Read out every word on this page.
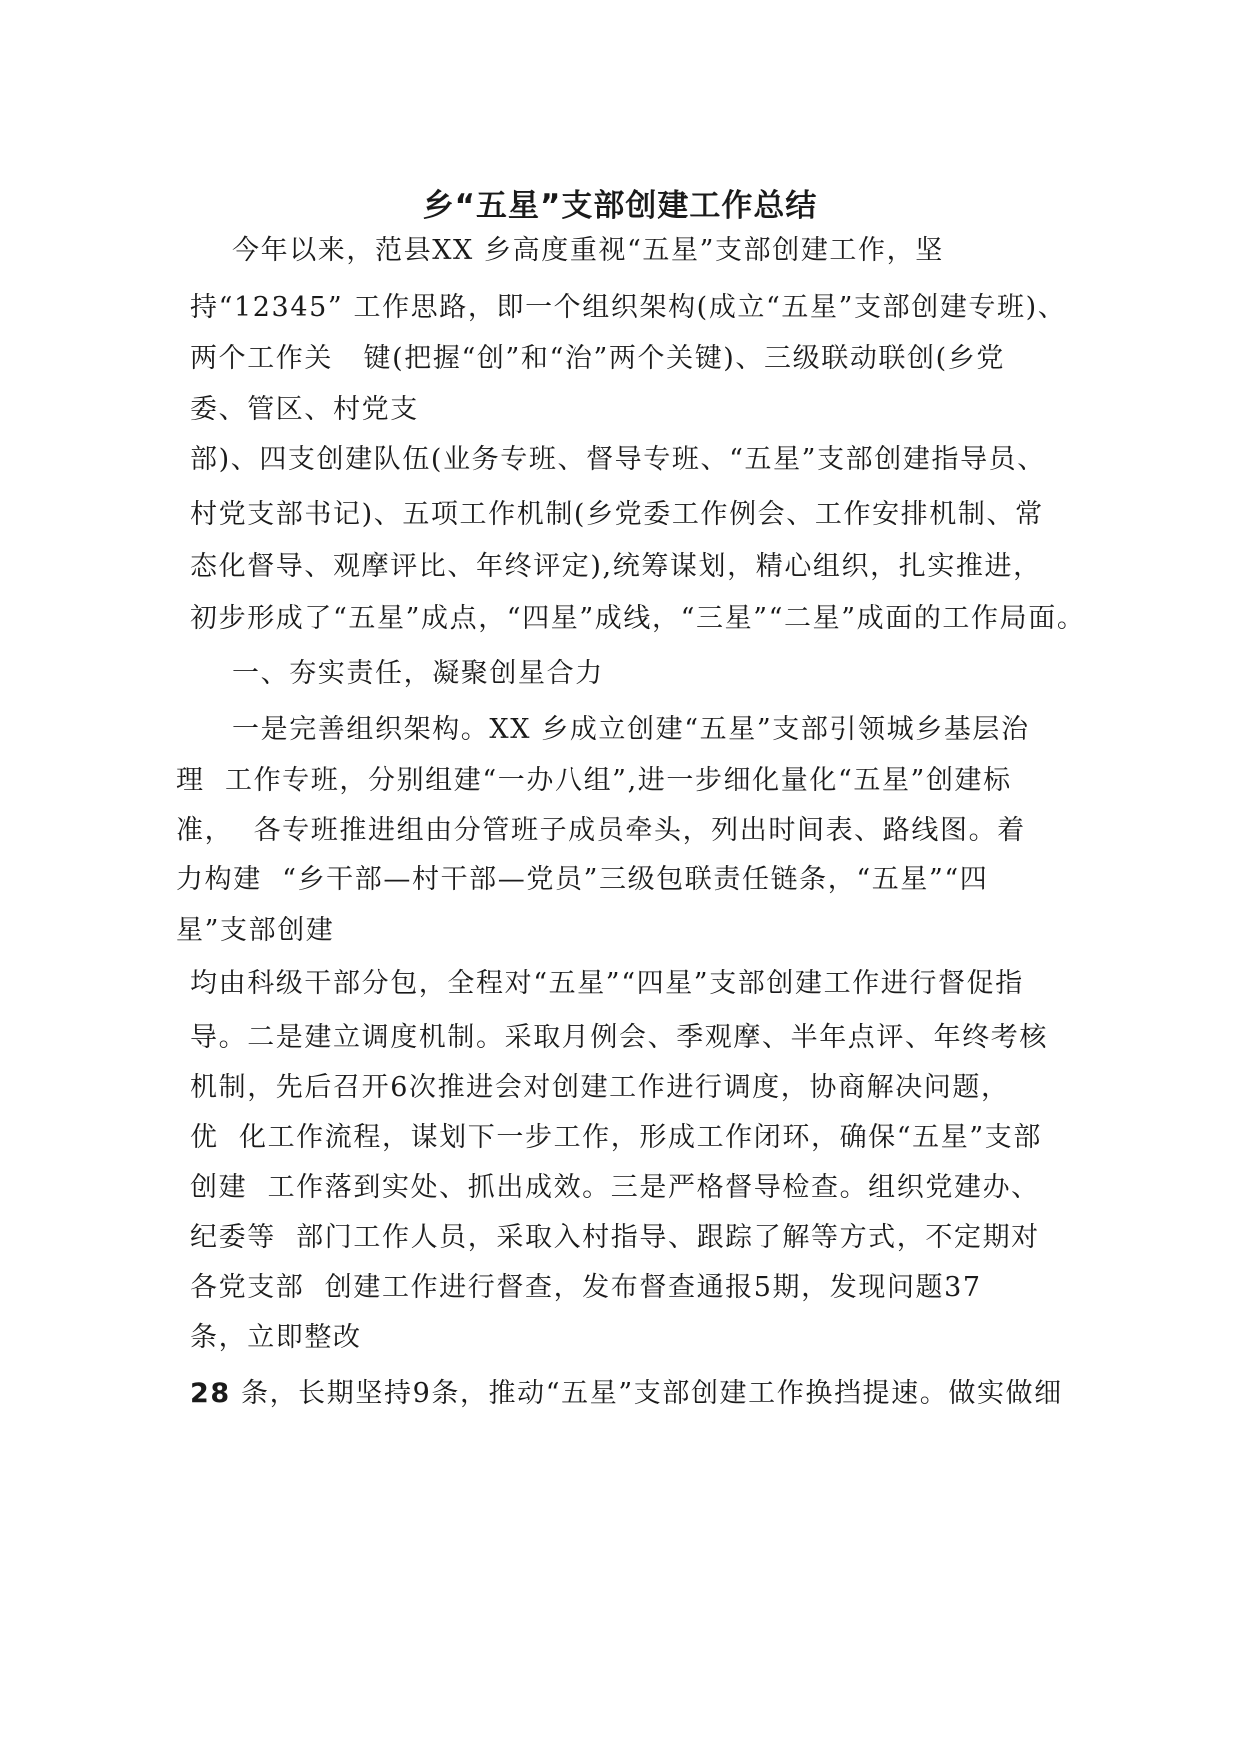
乡“五星”支部创建工作总结
今年以来，范县XX 乡高度重视“五星”支部创建工作，坚
持“12345” 工作思路，即一个组织架构(成立“五星”支部创建专班)、
两个工作关   键(把握“创”和“治”两个关键)、三级联动联创(乡党
委、管区、村党支
部)、四支创建队伍(业务专班、督导专班、“五星”支部创建指导员、
村党支部书记)、五项工作机制(乡党委工作例会、工作安排机制、常
态化督导、观摩评比、年终评定),统筹谋划，精心组织，扎实推进，
初步形成了“五星”成点，“四星”成线，“三星”“二星”成面的工作局面。
一、夯实责任，凝聚创星合力
一是完善组织架构。XX 乡成立创建“五星”支部引领城乡基层治
理  工作专班，分别组建“一办八组”,进一步细化量化“五星”创建标
准，  各专班推进组由分管班子成员牵头，列出时间表、路线图。着
力构建  “乡干部—村干部—党员”三级包联责任链条，“五星”“四
星”支部创建
均由科级干部分包，全程对“五星”“四星”支部创建工作进行督促指
导。二是建立调度机制。采取月例会、季观摩、半年点评、年终考核
机制，先后召开6次推进会对创建工作进行调度，协商解决问题，
优  化工作流程，谋划下一步工作，形成工作闭环，确保“五星”支部
创建  工作落到实处、抓出成效。三是严格督导检查。组织党建办、
纪委等  部门工作人员，采取入村指导、跟踪了解等方式，不定期对
各党支部  创建工作进行督查，发布督查通报5期，发现问题37
条，立即整改
28 条，长期坚持9条，推动“五星”支部创建工作换挡提速。做实做细
